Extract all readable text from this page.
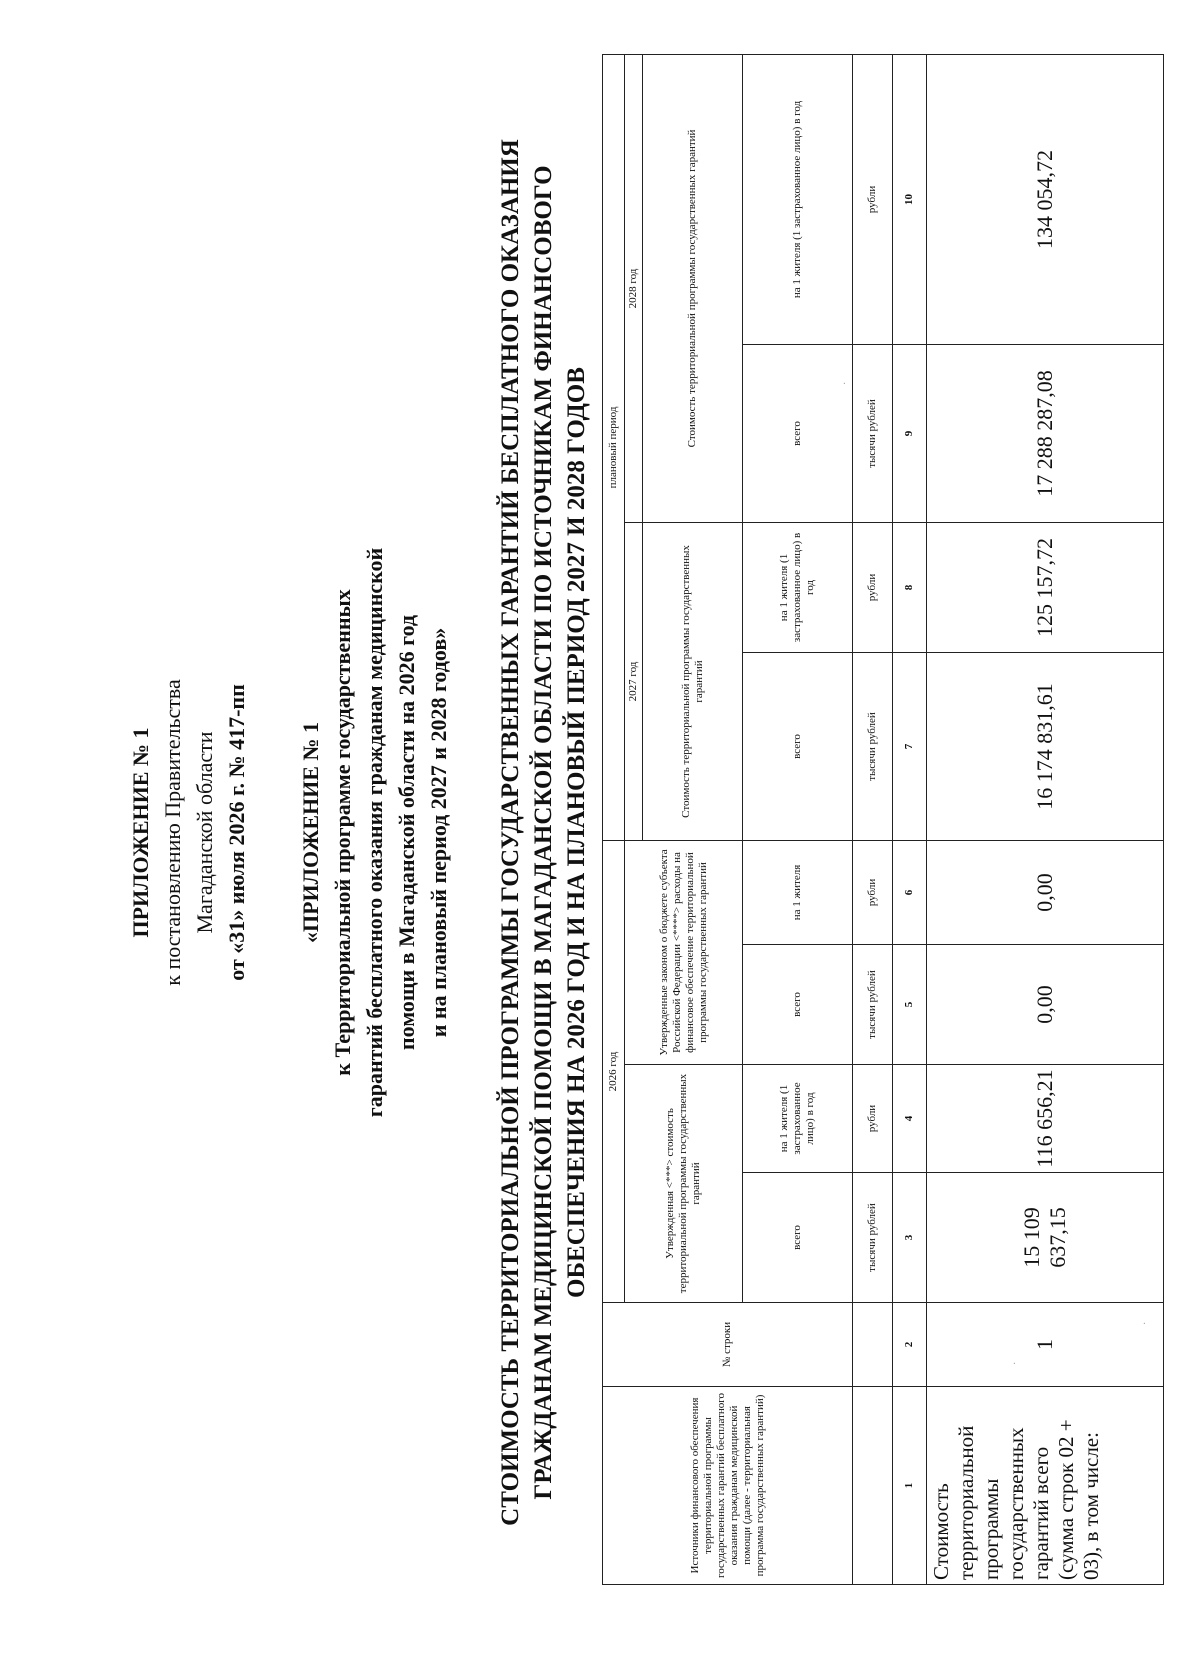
ПРИЛОЖЕНИЕ № 1 к постановлению Правительства Магаданской области от «31» июля 2026 г. № 417-пп «ПРИЛОЖЕНИЕ № 1 к Территориальной программе государственных гарантий бесплатного оказания гражданам медицинской помощи в Магаданской области на 2026 год и на плановый период 2027 и 2028 годов» СТОИМОСТЬ ТЕРРИТОРИАЛЬНОЙ ПРОГРАММЫ ГОСУДАРСТВЕННЫХ ГАРАНТИЙ БЕСПЛАТНОГО ОКАЗАНИЯ ГРАЖДАНАМ МЕДИЦИНСКОЙ ПОМОЩИ В МАГАДАНСКОЙ ОБЛАСТИ ПО ИСТОЧНИКАМ ФИНАНСОВОГО ОБЕСПЕЧЕНИЯ НА 2026 ГОД И НА ПЛАНОВЫЙ ПЕРИОД 2027 И 2028 ГОДОВ
Источники финансового обеспечения территориальной программы государственных гарантий бесплатного оказания гражданам медицинской помощи (далее - территориальная программа государственных гарантий)	№ строки	2026 год				плановый период			
		Утвержденная <***> стоимость территориальной программы государственных гарантий		Утвержденные законом о бюджете субъекта Российской Федерации <****> расходы на финансовое обеспечение территориальной программы государственных гарантий		2027 год		2028 год	
						Стоимость территориальной программы государственных гарантий		Стоимость территориальной программы государственных гарантий	
		всего	на 1 жителя (1 застрахованное лицо) в год	всего	на 1 жителя	всего	на 1 жителя (1 застрахованное лицо) в год	всего	на 1 жителя (1 застрахованное лицо) в год
		тысячи рублей	рубли	тысячи рублей	рубли	тысячи рублей	рубли	тысячи рублей	рубли
1	2	3	4	5	6	7	8	9	10
Стоимость территориальной программы государственных гарантий всего (сумма строк 02 + 03), в том числе:	1	15 109 637,15	116 656,21	0,00	0,00	16 174 831,61	125 157,72	17 288 287,08	134 054,72
·
·
·
